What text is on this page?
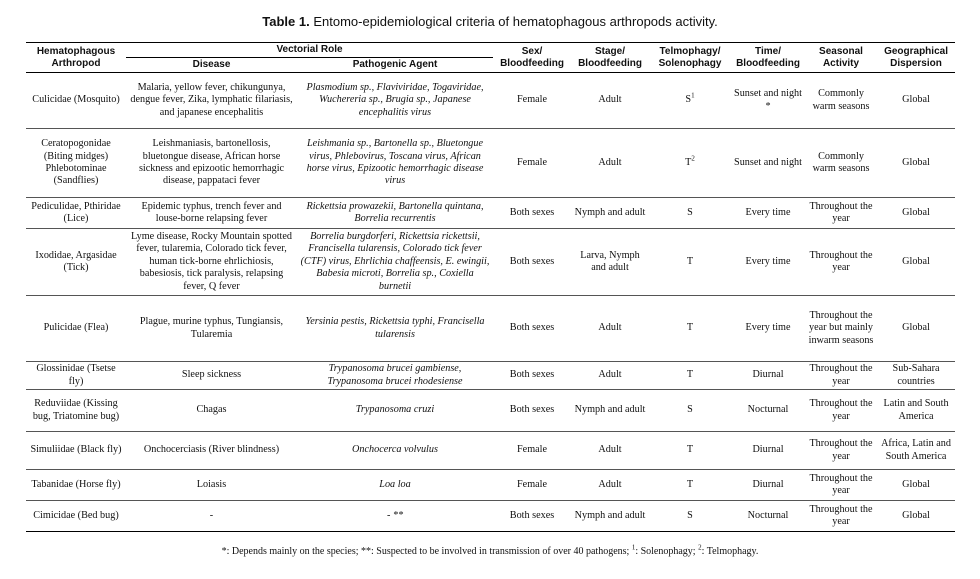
Table 1. Entomo-epidemiological criteria of hematophagous arthropods activity.
Hematophagous Arthropod	Vectorial Role		Sex/ Bloodfeeding	Stage/ Bloodfeeding	Telmophagy/ Solenophagy	Time/ Bloodfeeding	Seasonal Activity	Geographical Dispersion
	Disease	Pathogenic Agent						
Culicidae (Mosquito)	Malaria, yellow fever, chikungunya, dengue fever, Zika, lymphatic filariasis, and japanese encephalitis	Plasmodium sp., Flaviviridae, Togaviridae, Wuchereria sp., Brugia sp., Japanese encephalitis virus	Female	Adult	$S^1$	Sunset and night *	Commonly warm seasons	Global
Ceratopogonidae (Biting midges) Phlebotominae (Sandflies)	Leishmaniasis, bartonellosis, bluetongue disease, African horse sickness and epizootic hemorrhagic disease, pappataci fever	Leishmania sp., Bartonella sp., Bluetongue virus, Phlebovirus, Toscana virus, African horse virus, Epizootic hemorrhagic disease virus	Female	Adult	$T^2$	Sunset and night	Commonly warm seasons	Global
Pediculidae, Pthiridae (Lice)	Epidemic typhus, trench fever and louse-borne relapsing fever	Rickettsia prowazekii, Bartonella quintana, Borrelia recurrentis	Both sexes	Nymph and adult	S	Every time	Throughout the year	Global
Ixodidae, Argasidae (Tick)	Lyme disease, Rocky Mountain spotted fever, tularemia, Colorado tick fever, human tick-borne ehrlichiosis, babesiosis, tick paralysis, relapsing fever, Q fever	Borrelia burgdorferi, Rickettsia rickettsii, Francisella tularensis, Colorado tick fever (CTF) virus, Ehrlichia chaffeensis, E. ewingii, Babesia microti, Borrelia sp., Coxiella burnetii	Both sexes	Larva, Nymph and adult	T	Every time	Throughout the year	Global
Pulicidae (Flea)	Plague, murine typhus, Tungiansis, Tularemia	Yersinia pestis, Rickettsia typhi, Francisella tularensis	Both sexes	Adult	T	Every time	Throughout the year but mainly inwarm seasons	Global
Glossinidae (Tsetse fly)	Sleep sickness	Trypanosoma brucei gambiense, Trypanosoma brucei rhodesiense	Both sexes	Adult	T	Diurnal	Throughout the year	Sub-Sahara countries
Reduviidae (Kissing bug, Triatomine bug)	Chagas	Trypanosoma cruzi	Both sexes	Nymph and adult	S	Nocturnal	Throughout the year	Latin and South America
Simuliidae (Black fly)	Onchocerciasis (River blindness)	Onchocerca volvulus	Female	Adult	T	Diurnal	Throughout the year	Africa, Latin and South America
Tabanidae (Horse fly)	Loiasis	Loa loa	Female	Adult	T	Diurnal	Throughout the year	Global
Cimicidae (Bed bug)	-	- **	Both sexes	Nymph and adult	S	Nocturnal	Throughout the year	Global
*: Depends mainly on the species; **: Suspected to be involved in transmission of over 40 pathogens; $^1$: Solenophagy; $^2$: Telmophagy.
